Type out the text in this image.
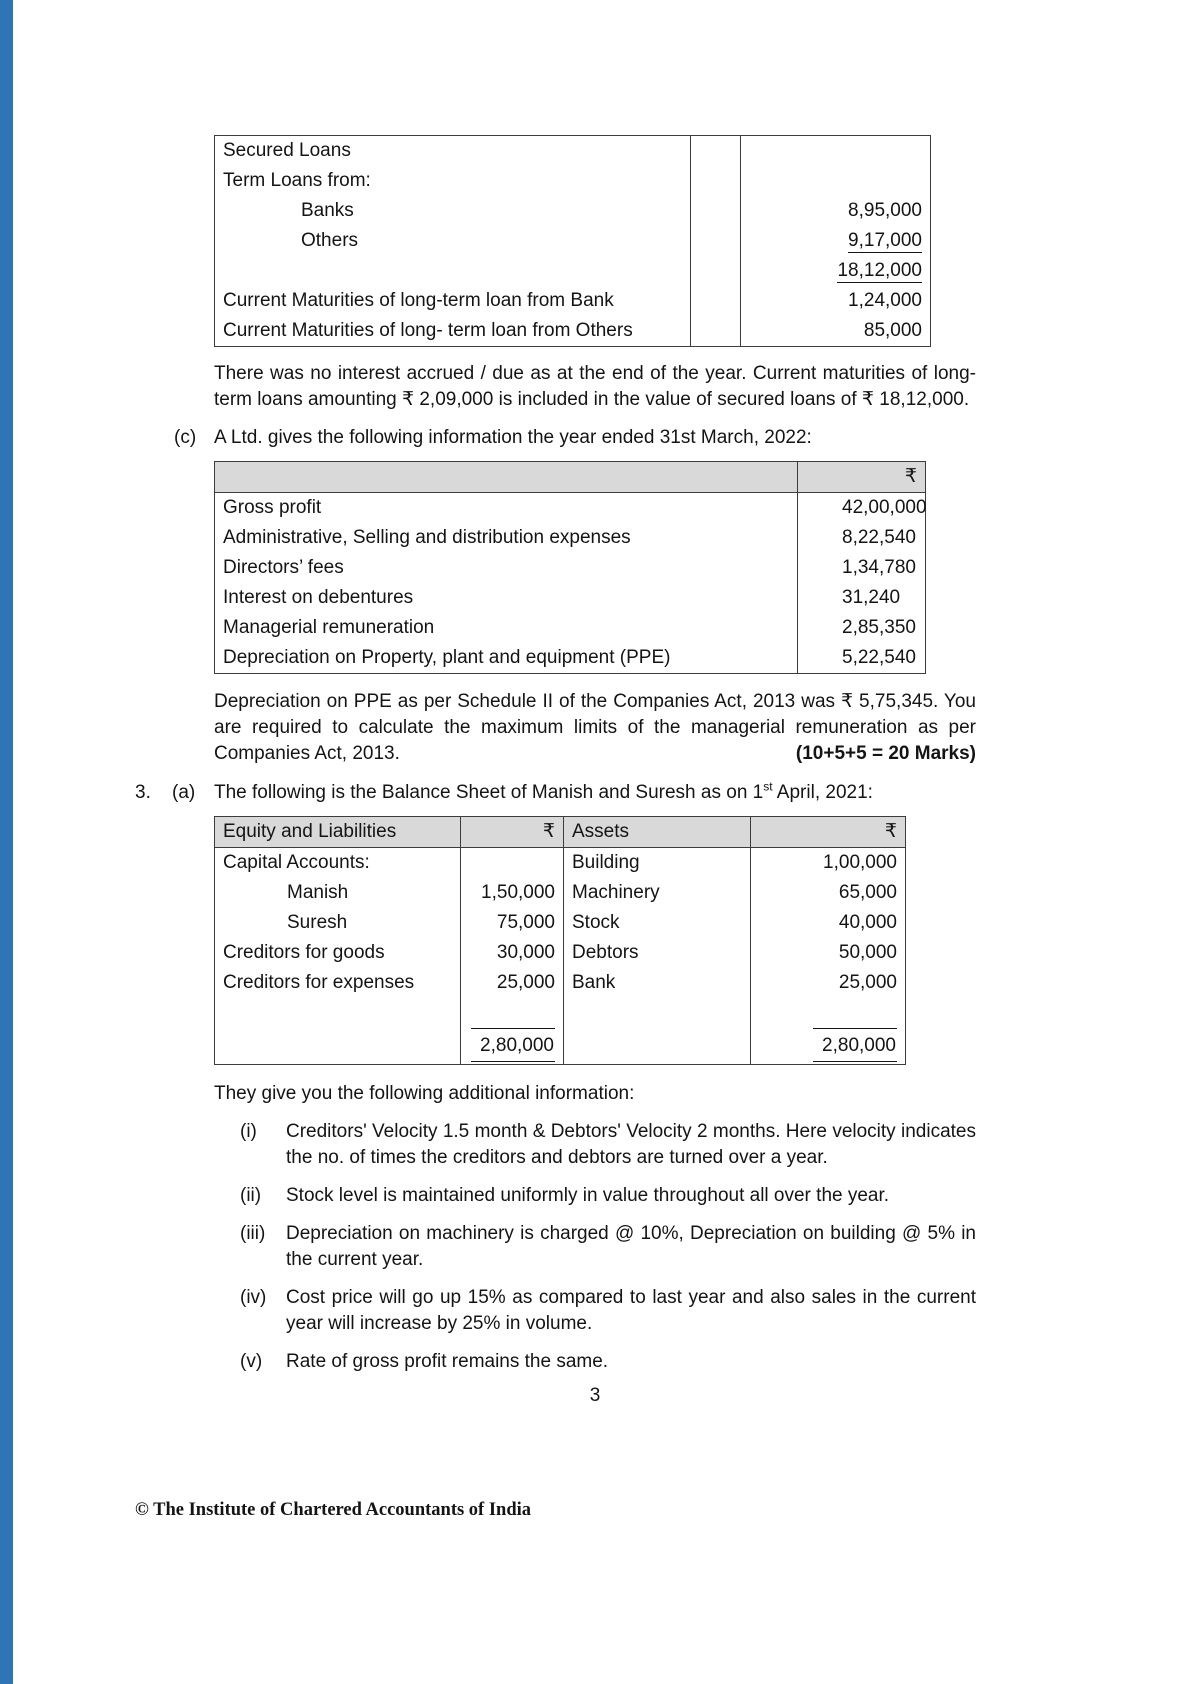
Secured Loans		
Term Loans from:		
Banks		8,95,000
Others		9,17,000
		18,12,000
Current Maturities of long-term loan from Bank		1,24,000
Current Maturities of long- term loan from Others		85,000

There was no interest accrued / due as at the end of the year. Current maturities of long-term loans amounting ₹ 2,09,000 is included in the value of secured loans of ₹ 18,12,000.

(c) A Ltd. gives the following information the year ended 31st March, 2022:
	₹
Gross profit	42,00,000
Administrative, Selling and distribution expenses	8,22,540
Directors’ fees	1,34,780
Interest on debentures	31,240
Managerial remuneration	2,85,350
Depreciation on Property, plant and equipment (PPE)	5,22,540

Depreciation on PPE as per Schedule II of the Companies Act, 2013 was ₹ 5,75,345. You are required to calculate the maximum limits of the managerial remuneration as per

Companies Act, 2013.	(10+5+5 = 20 Marks)
3.	(a) The following is the Balance Sheet of Manish and Suresh as on 1st April, 2021:
Equity and Liabilities	₹	Assets	₹
Capital Accounts:		Building	1,00,000
Manish	1,50,000	Machinery	65,000
Suresh	75,000	Stock	40,000
Creditors for goods	30,000	Debtors	50,000
Creditors for expenses	25,000	Bank	25,000

	2,80,000		2,80,000

They give you the following additional information:

(i)	Creditors' Velocity 1.5 month & Debtors' Velocity 2 months. Here velocity indicates the no. of times the creditors and debtors are turned over a year.
(ii)	Stock level is maintained uniformly in value throughout all over the year.
(iii)	Depreciation on machinery is charged @ 10%, Depreciation on building @ 5% in the current year.
(iv)	Cost price will go up 15% as compared to last year and also sales in the current year will increase by 25% in volume.
(v)	Rate of gross profit remains the same.
3
© The Institute of Chartered Accountants of India
